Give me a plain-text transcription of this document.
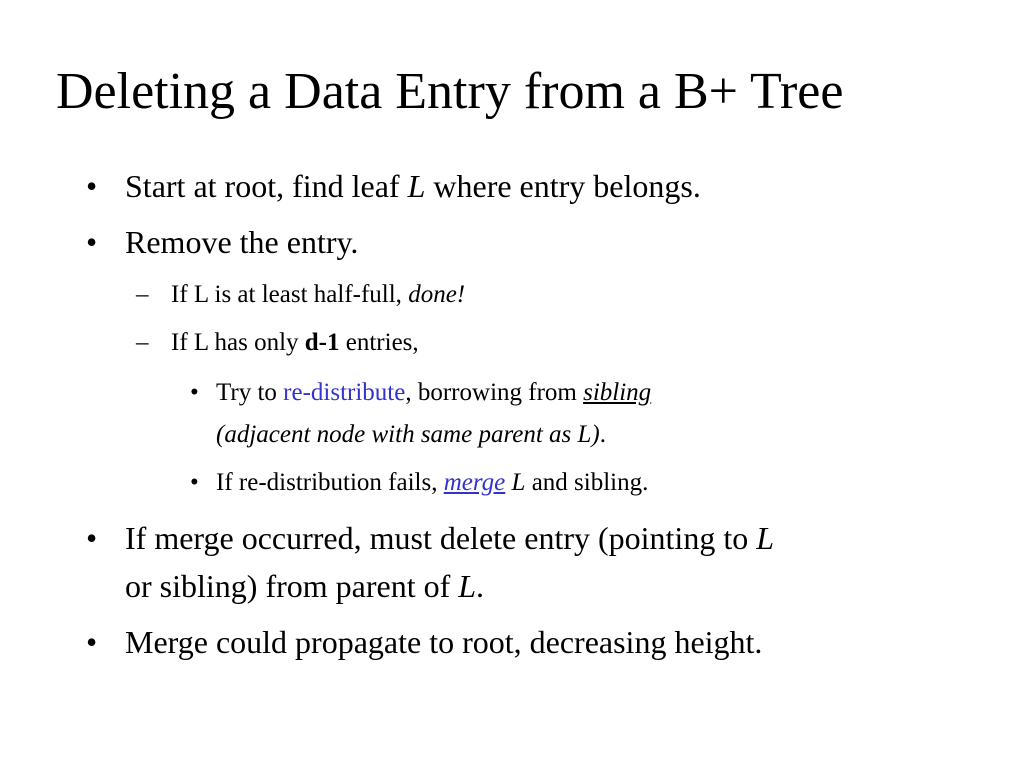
Deleting a Data Entry from a B+ Tree
• Start at root, find leaf L where entry belongs.
• Remove the entry.
– If L is at least half-full, done!
– If L has only d-1 entries,
• Try to re-distribute, borrowing from sibling
(adjacent node with same parent as L).
• If re-distribution fails, merge L and sibling.
• If merge occurred, must delete entry (pointing to L
or sibling) from parent of L.
• Merge could propagate to root, decreasing height.
